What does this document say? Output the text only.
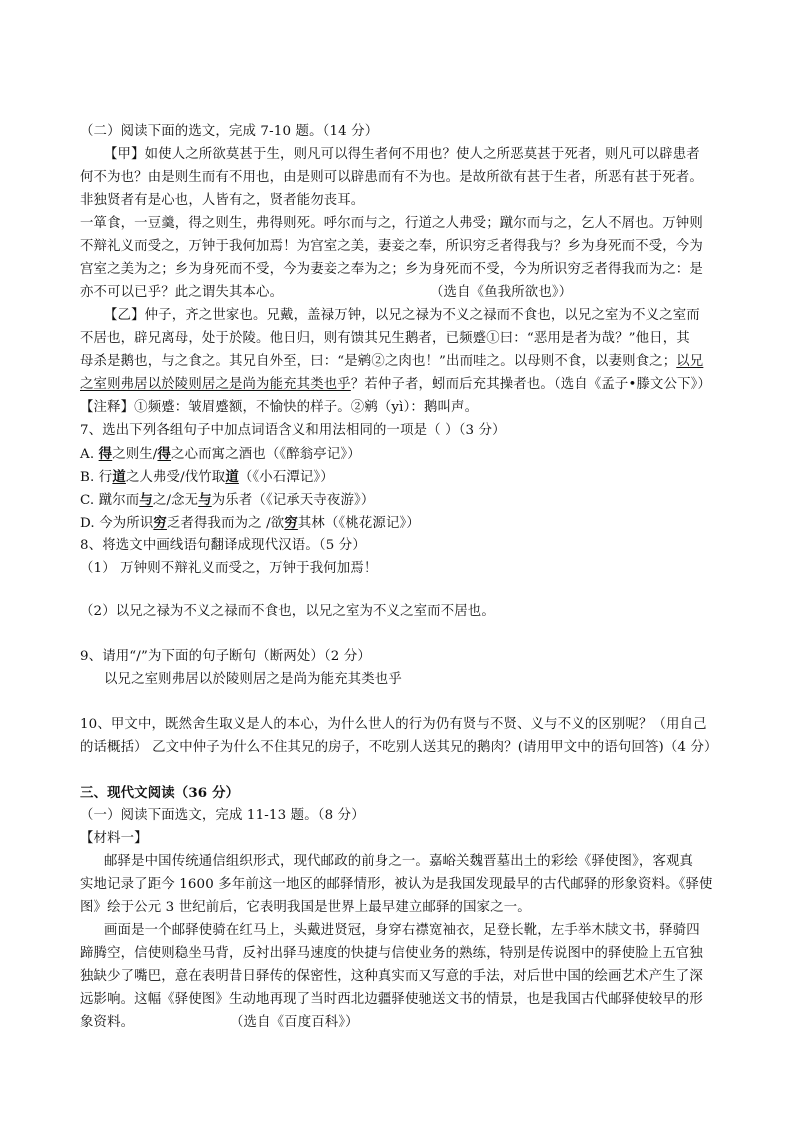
（二）阅读下面的选文，完成 7-10 题。（14 分）
【甲】如使人之所欲莫甚于生，则凡可以得生者何不用也？使人之所恶莫甚于死者，则凡可以辟患者
何不为也？由是则生而有不用也，由是则可以辟患而有不为也。是故所欲有甚于生者，所恶有甚于死者。
非独贤者有是心也，人皆有之，贤者能勿丧耳。
一箪食，一豆羹，得之则生，弗得则死。呼尔而与之，行道之人弗受；蹴尔而与之，乞人不屑也。万钟则
不辩礼义而受之，万钟于我何加焉！为宫室之美，妻妾之奉，所识穷乏者得我与？乡为身死而不受，今为
宫室之美为之；乡为身死而不受，今为妻妾之奉为之；乡为身死而不受，今为所识穷乏者得我而为之：是
亦不可以已乎？此之谓失其本心。	（选自《鱼我所欲也》）
【乙】仲子，齐之世家也。兄戴，盖禄万钟，以兄之禄为不义之禄而不食也，以兄之室为不义之室而
不居也，辟兄离母，处于於陵。他日归，则有馈其兄生鹅者，已频蹙①曰：“恶用是者为哉？”他日，其
母杀是鹅也，与之食之。其兄自外至，曰：“是鹓②之肉也！”出而哇之。以母则不食，以妻则食之；以兄
之室则弗居以於陵则居之是尚为能充其类也乎？若仲子者，蚓而后充其操者也。（选自《孟子•滕文公下》）
【注释】①频蹙：皱眉蹙额，不愉快的样子。②鹓（yì）：鹅叫声。
7、选出下列各组句子中加点词语含义和用法相同的一项是（ ）（3 分）
A. 得之则生/得之心而寓之酒也（《醉翁亭记》）
B. 行道之人弗受/伐竹取道（《小石潭记》）
C. 蹴尔而与之/念无与为乐者（《记承天寺夜游》）
D. 今为所识穷乏者得我而为之 /欲穷其林（《桃花源记》）
8、将选文中画线语句翻译成现代汉语。（5 分）
（1） 万钟则不辩礼义而受之，万钟于我何加焉！
（2）以兄之禄为不义之禄而不食也，以兄之室为不义之室而不居也。
9、请用“/”为下面的句子断句（断两处）（2 分）
以兄之室则弗居以於陵则居之是尚为能充其类也乎
10、甲文中，既然舍生取义是人的本心，为什么世人的行为仍有贤与不贤、义与不义的区别呢？（用自己
的话概括） 乙文中仲子为什么不住其兄的房子，不吃别人送其兄的鹅肉？(请用甲文中的语句回答)（4 分）
三、现代文阅读（36 分）
（一）阅读下面选文，完成 11-13 题。（8 分）
【材料一】
邮驿是中国传统通信组织形式，现代邮政的前身之一。嘉峪关魏晋墓出土的彩绘《驿使图》，客观真
实地记录了距今 1600 多年前这一地区的邮驿情形，被认为是我国发现最早的古代邮驿的形象资料。《驿使
图》绘于公元 3 世纪前后，它表明我国是世界上最早建立邮驿的国家之一。
画面是一个邮驿使骑在红马上，头戴进贤冠，身穿右襟宽袖衣，足登长靴，左手举木牍文书，驿骑四
蹄腾空，信使则稳坐马背，反衬出驿马速度的快捷与信使业务的熟练，特别是传说图中的驿使脸上五官独
独缺少了嘴巴，意在表明昔日驿传的保密性，这种真实而又写意的手法，对后世中国的绘画艺术产生了深
远影响。这幅《驿使图》生动地再现了当时西北边疆驿使驰送文书的情景，也是我国古代邮驿使较早的形
象资料。	（选自《百度百科》）
